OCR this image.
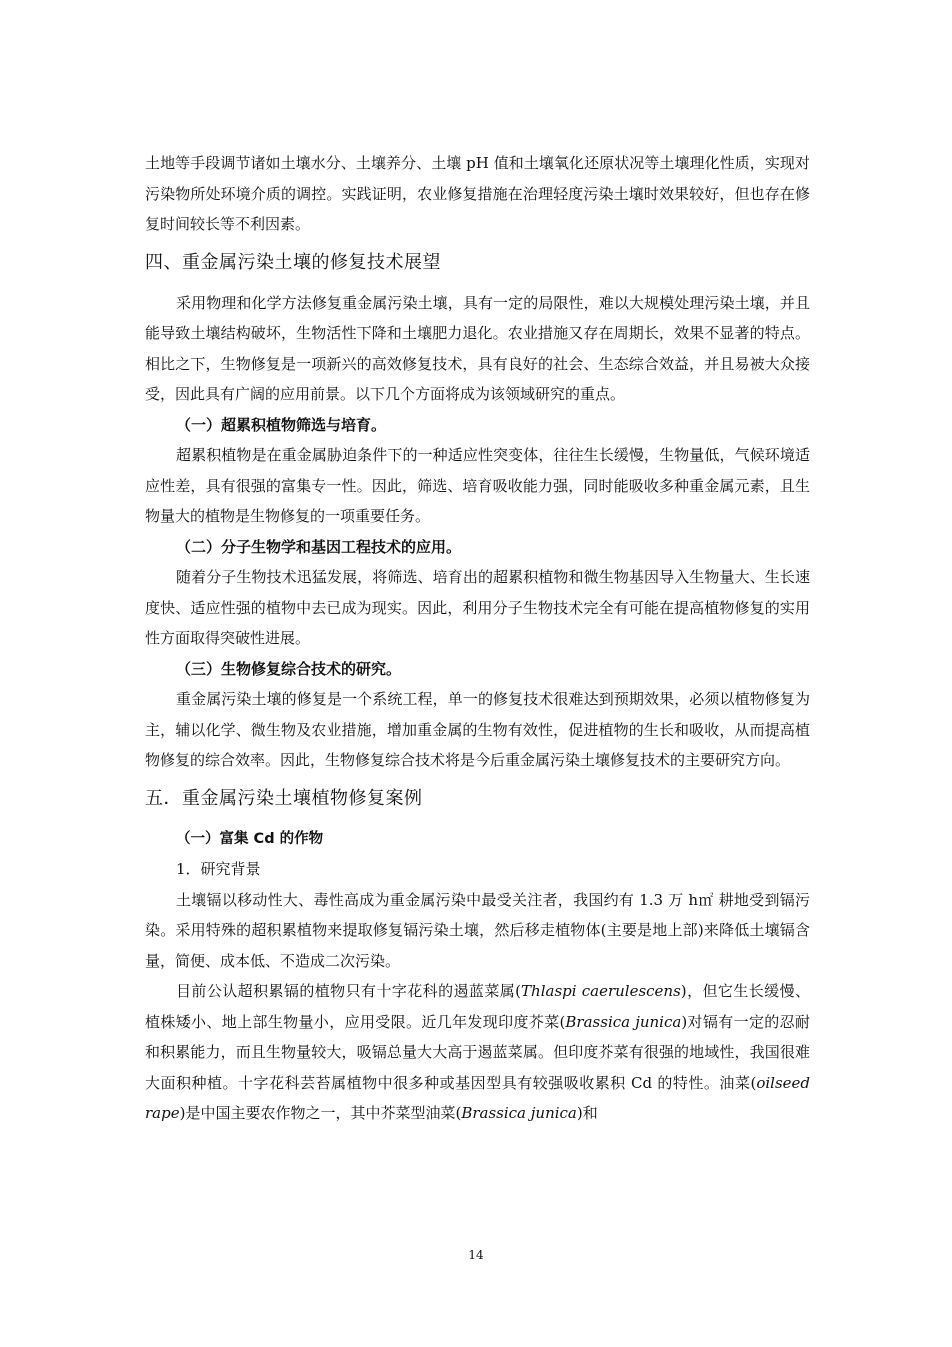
土地等手段调节诸如土壤水分、土壤养分、土壤 pH 值和土壤氧化还原状况等土壤理化性质，实现对污染物所处环境介质的调控。实践证明，农业修复措施在治理轻度污染土壤时效果较好，但也存在修复时间较长等不利因素。

四、重金属污染土壤的修复技术展望

采用物理和化学方法修复重金属污染土壤，具有一定的局限性，难以大规模处理污染土壤，并且能导致土壤结构破坏，生物活性下降和土壤肥力退化。农业措施又存在周期长，效果不显著的特点。相比之下，生物修复是一项新兴的高效修复技术，具有良好的社会、生态综合效益，并且易被大众接受，因此具有广阔的应用前景。以下几个方面将成为该领域研究的重点。

（一）超累积植物筛选与培育。

超累积植物是在重金属胁迫条件下的一种适应性突变体，往往生长缓慢，生物量低，气候环境适应性差，具有很强的富集专一性。因此，筛选、培育吸收能力强，同时能吸收多种重金属元素，且生物量大的植物是生物修复的一项重要任务。

（二）分子生物学和基因工程技术的应用。

随着分子生物技术迅猛发展，将筛选、培育出的超累积植物和微生物基因导入生物量大、生长速度快、适应性强的植物中去已成为现实。因此，利用分子生物技术完全有可能在提高植物修复的实用性方面取得突破性进展。

（三）生物修复综合技术的研究。

重金属污染土壤的修复是一个系统工程，单一的修复技术很难达到预期效果，必须以植物修复为主，辅以化学、微生物及农业措施，增加重金属的生物有效性，促进植物的生长和吸收，从而提高植物修复的综合效率。因此，生物修复综合技术将是今后重金属污染土壤修复技术的主要研究方向。

五．重金属污染土壤植物修复案例
（一）富集 Cd 的作物

1．研究背景

土壤镉以移动性大、毒性高成为重金属污染中最受关注者，我国约有 1.3 万 h㎡ 耕地受到镉污染。采用特殊的超积累植物来提取修复镉污染土壤，然后移走植物体(主要是地上部)来降低土壤镉含量，简便、成本低、不造成二次污染。

目前公认超积累镉的植物只有十字花科的遏蓝菜属(Thlaspi caerulescens)，但它生长缓慢、植株矮小、地上部生物量小，应用受限。近几年发现印度芥菜(Brassica junica)对镉有一定的忍耐和积累能力，而且生物量较大，吸镉总量大大高于遏蓝菜属。但印度芥菜有很强的地域性，我国很难大面积种植。十字花科芸苔属植物中很多种或基因型具有较强吸收累积 Cd 的特性。油菜(oilseed rape)是中国主要农作物之一，其中芥菜型油菜(Brassica junica)和

14
